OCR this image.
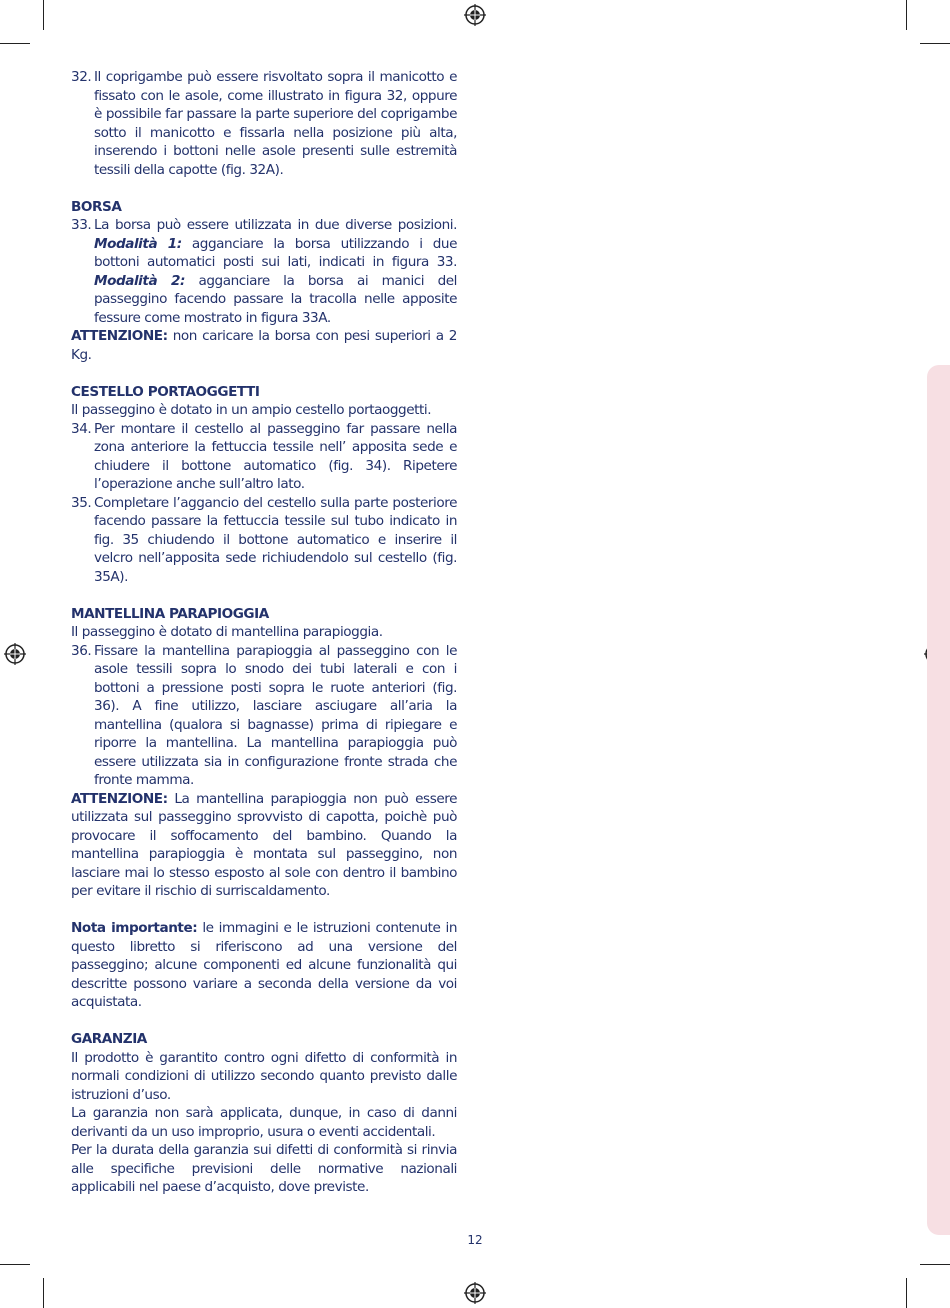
32. Il coprigambe può essere risvoltato sopra il manicotto e fissato con le asole, come illustrato in figura 32, oppure è possibile far passare la parte superiore del coprigambe sotto il manicotto e fissarla nella posizione più alta, inserendo i bottoni nelle asole presenti sulle estremità tessili della capotte (fig. 32A).

BORSA

33. La borsa può essere utilizzata in due diverse posizioni. Modalità 1: agganciare la borsa utilizzando i due bottoni automatici posti sui lati, indicati in figura 33. Modalità 2: agganciare la borsa ai manici del passeggino facendo passare la tracolla nelle apposite fessure come mostrato in figura 33A.

ATTENZIONE: non caricare la borsa con pesi superiori a 2 Kg.

CESTELLO PORTAOGGETTI

Il passeggino è dotato in un ampio cestello portaoggetti.

34. Per montare il cestello al passeggino far passare nella zona anteriore la fettuccia tessile nell’ apposita sede e chiudere il bottone automatico (fig. 34). Ripetere l’operazione anche sull’altro lato.
35. Completare l’aggancio del cestello sulla parte posteriore facendo passare la fettuccia tessile sul tubo indicato in fig. 35 chiudendo il bottone automatico e inserire il velcro nell’apposita sede richiudendolo sul cestello (fig. 35A).

MANTELLINA PARAPIOGGIA

Il passeggino è dotato di mantellina parapioggia.

36. Fissare la mantellina parapioggia al passeggino con le asole tessili sopra lo snodo dei tubi laterali e con i bottoni a pressione posti sopra le ruote anteriori (fig. 36). A fine utilizzo, lasciare asciugare all’aria la mantellina (qualora si bagnasse) prima di ripiegare e riporre la mantellina. La mantellina parapioggia può essere utilizzata sia in configurazione fronte strada che fronte mamma.

ATTENZIONE: La mantellina parapioggia non può essere utilizzata sul passeggino sprovvisto di capotta, poichè può provocare il soffocamento del bambino. Quando la mantellina parapioggia è montata sul passeggino, non lasciare mai lo stesso esposto al sole con dentro il bambino per evitare il rischio di surriscaldamento.

Nota importante: le immagini e le istruzioni contenute in questo libretto si riferiscono ad una versione del passeggino; alcune componenti ed alcune funzionalità qui descritte possono variare a seconda della versione da voi acquistata.

GARANZIA

Il prodotto è garantito contro ogni difetto di conformità in normali condizioni di utilizzo secondo quanto previsto dalle istruzioni d’uso.

La garanzia non sarà applicata, dunque, in caso di danni derivanti da un uso improprio, usura o eventi accidentali.

Per la durata della garanzia sui difetti di conformità si rinvia alle specifiche previsioni delle normative nazionali applicabili nel paese d’acquisto, dove previste.

12
